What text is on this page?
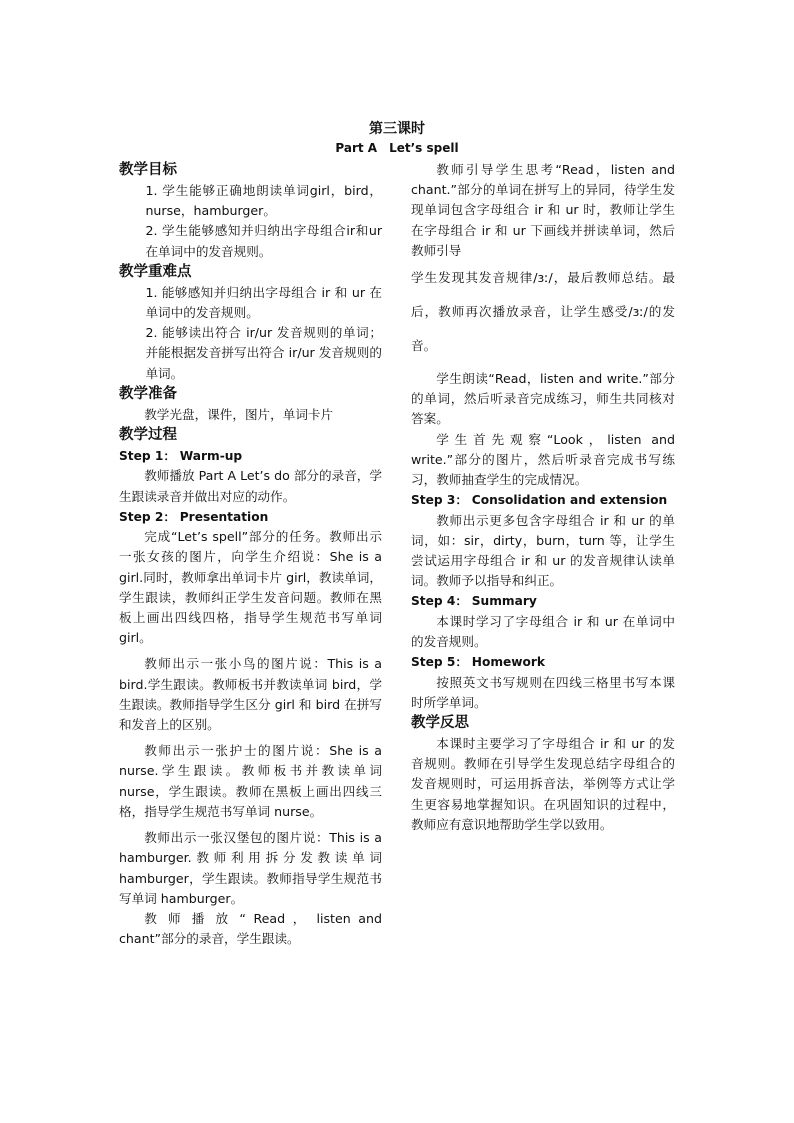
第三课时
Part A　Let’s spell

教学目标

1. 学生能够正确地朗读单词girl，bird，nurse，hamburger。

2. 学生能够感知并归纳出字母组合ir和ur在单词中的发音规则。

教学重难点

1. 能够感知并归纳出字母组合 ir 和 ur 在单词中的发音规则。

2. 能够读出符合 ir/ur 发音规则的单词；并能根据发音拼写出符合 ir/ur 发音规则的单词。

教学准备

教学光盘，课件，图片，单词卡片

教学过程

Step 1： Warm-up

教师播放 Part A Let’s do 部分的录音，学生跟读录音并做出对应的动作。

Step 2： Presentation

完成“Let’s spell”部分的任务。教师出示一张女孩的图片，向学生介绍说：She is a girl.同时，教师拿出单词卡片 girl，教读单词，学生跟读，教师纠正学生发音问题。教师在黑板上画出四线四格，指导学生规范书写单词 girl。

教师出示一张小鸟的图片说：This is a bird.学生跟读。教师板书并教读单词 bird，学生跟读。教师指导学生区分 girl 和 bird 在拼写和发音上的区别。

教师出示一张护士的图片说：She is a nurse.学生跟读。教师板书并教读单词 nurse，学生跟读。教师在黑板上画出四线三格，指导学生规范书写单词 nurse。

教师出示一张汉堡包的图片说：This is a hamburger.教师利用拆分发教读单词 hamburger，学生跟读。教师指导学生规范书写单词 hamburger。

教 师 播 放 “ Read ， listen and chant”部分的录音，学生跟读。

教师引导学生思考“Read，listen and chant.”部分的单词在拼写上的异同，待学生发现单词包含字母组合 ir 和 ur 时，教师让学生在字母组合 ir 和 ur 下画线并拼读单词，然后教师引导

学生发现其发音规律/ɜː/，最后教师总结。最后，教师再次播放录音，让学生感受/ɜː/的发音。

学生朗读“Read，listen and write.”部分的单词，然后听录音完成练习，师生共同核对答案。

学生首先观察“Look，listen and write.”部分的图片，然后听录音完成书写练习，教师抽查学生的完成情况。

Step 3： Consolidation and extension

教师出示更多包含字母组合 ir 和 ur 的单词，如：sir，dirty，burn，turn 等，让学生尝试运用字母组合 ir 和 ur 的发音规律认读单词。教师予以指导和纠正。

Step 4： Summary

本课时学习了字母组合 ir 和 ur 在单词中的发音规则。

Step 5： Homework

按照英文书写规则在四线三格里书写本课时所学单词。

教学反思

本课时主要学习了字母组合 ir 和 ur 的发音规则。教师在引导学生发现总结字母组合的发音规则时，可运用拆音法，举例等方式让学生更容易地掌握知识。在巩固知识的过程中，教师应有意识地帮助学生学以致用。
